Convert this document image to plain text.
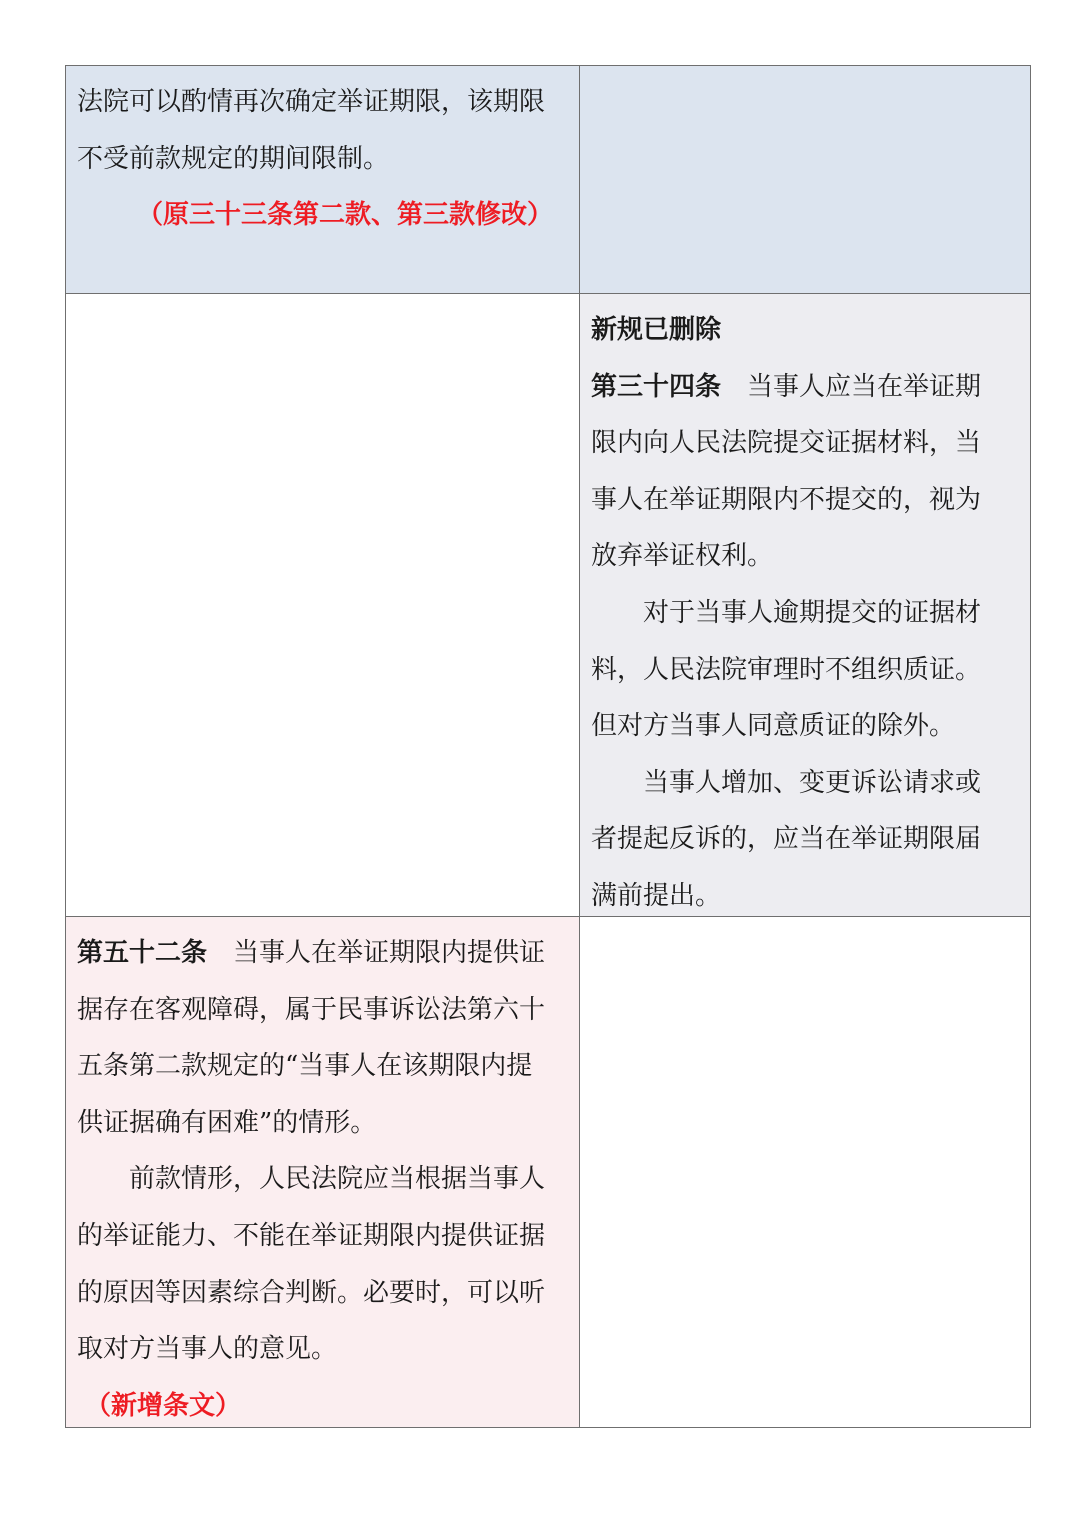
法院可以酌情再次确定举证期限，该期限

不受前款规定的期间限制。

（原三十三条第二款、第三款修改）

新规已删除

第三十四条  当事人应当在举证期

限内向人民法院提交证据材料，当

事人在举证期限内不提交的，视为

放弃举证权利。

对于当事人逾期提交的证据材

料，人民法院审理时不组织质证。

但对方当事人同意质证的除外。

当事人增加、变更诉讼请求或

者提起反诉的，应当在举证期限届

满前提出。

第五十二条  当事人在举证期限内提供证

据存在客观障碍，属于民事诉讼法第六十

五条第二款规定的“当事人在该期限内提

供证据确有困难”的情形。

前款情形，人民法院应当根据当事人

的举证能力、不能在举证期限内提供证据

的原因等因素综合判断。必要时，可以听

取对方当事人的意见。

（新增条文）
